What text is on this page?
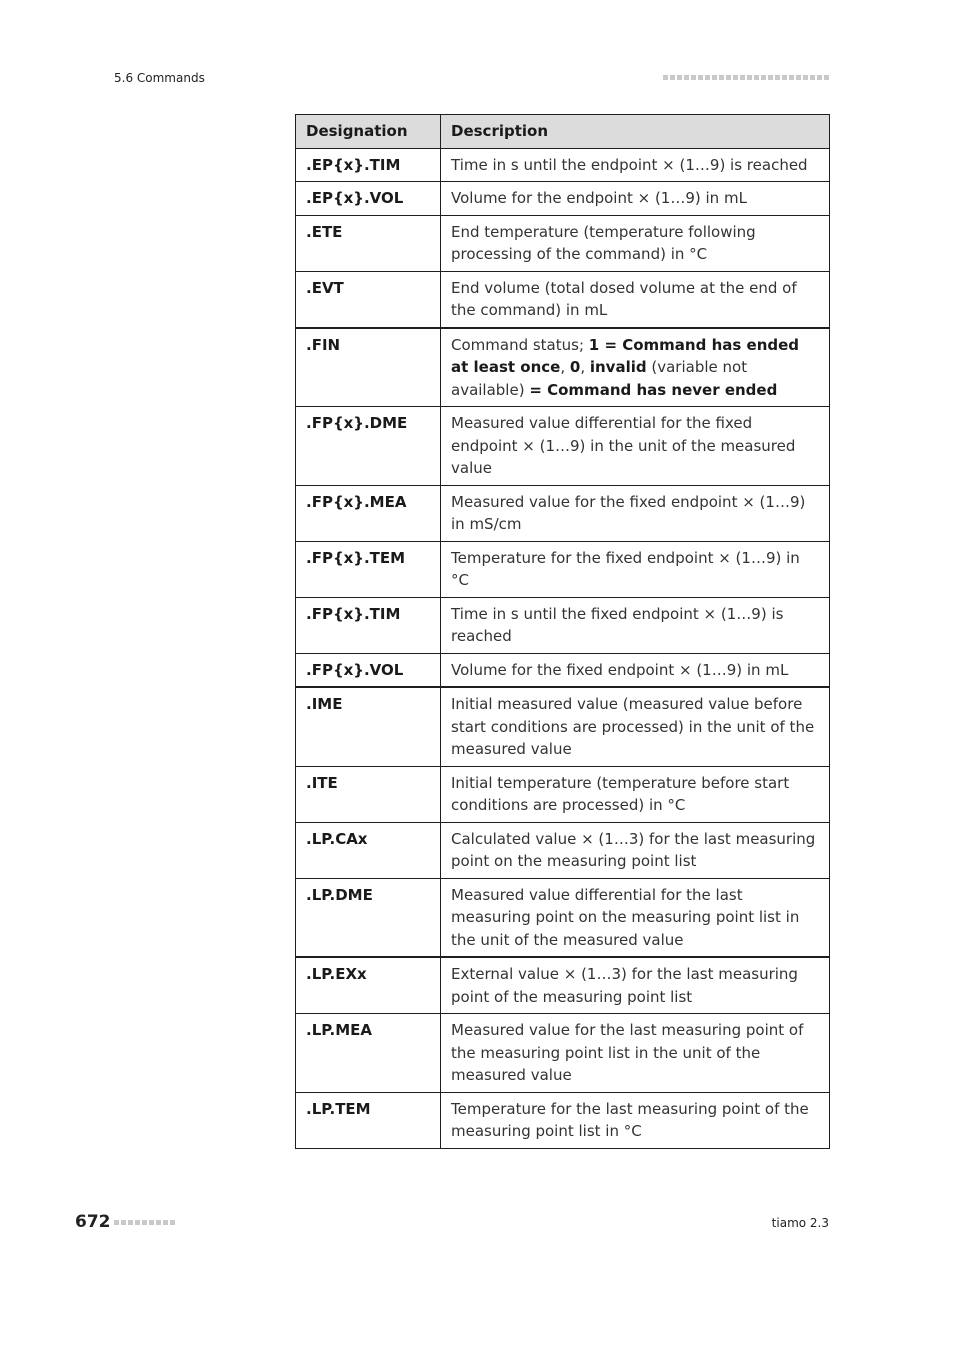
5.6 Commands
Designation	Description
.EP{x}.TIM	Time in s until the endpoint × (1…9) is reached
.EP{x}.VOL	Volume for the endpoint × (1…9) in mL
.ETE	End temperature (temperature following processing of the command) in °C
.EVT	End volume (total dosed volume at the end of the command) in mL
.FIN	Command status; 1 = Command has ended at least once, 0, invalid (variable not available) = Command has never ended
.FP{x}.DME	Measured value differential for the fixed endpoint × (1…9) in the unit of the measured value
.FP{x}.MEA	Measured value for the fixed endpoint × (1…9) in mS/cm
.FP{x}.TEM	Temperature for the fixed endpoint × (1…9) in °C
.FP{x}.TIM	Time in s until the fixed endpoint × (1…9) is reached
.FP{x}.VOL	Volume for the fixed endpoint × (1…9) in mL
.IME	Initial measured value (measured value before start conditions are processed) in the unit of the measured value
.ITE	Initial temperature (temperature before start conditions are processed) in °C
.LP.CAx	Calculated value × (1…3) for the last measuring point on the measuring point list
.LP.DME	Measured value differential for the last measuring point on the measuring point list in the unit of the measured value
.LP.EXx	External value × (1…3) for the last measuring point of the measuring point list
.LP.MEA	Measured value for the last measuring point of the measuring point list in the unit of the measured value
.LP.TEM	Temperature for the last measuring point of the measuring point list in °C
672	tiamo 2.3
